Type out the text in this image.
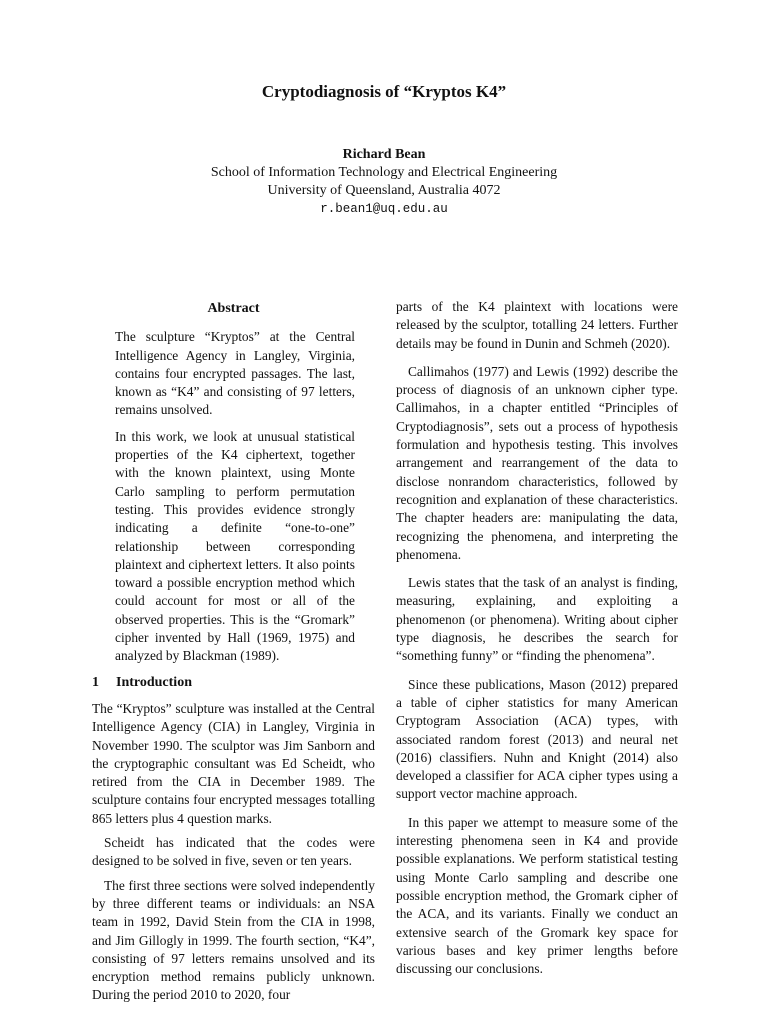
Cryptodiagnosis of “Kryptos K4”
Richard Bean
School of Information Technology and Electrical Engineering
University of Queensland, Australia 4072
r.bean1@uq.edu.au
Abstract

The sculpture “Kryptos” at the Central Intelligence Agency in Langley, Virginia, contains four encrypted passages. The last, known as “K4” and consisting of 97 letters, remains unsolved.

In this work, we look at unusual statistical properties of the K4 ciphertext, together with the known plaintext, using Monte Carlo sampling to perform permutation testing. This provides evidence strongly indicating a definite “one-to-one” relationship between corresponding plaintext and ciphertext letters. It also points toward a possible encryption method which could account for most or all of the observed properties. This is the “Gromark” cipher invented by Hall (1969, 1975) and analyzed by Blackman (1989).

1 Introduction

The “Kryptos” sculpture was installed at the Central Intelligence Agency (CIA) in Langley, Virginia in November 1990. The sculptor was Jim Sanborn and the cryptographic consultant was Ed Scheidt, who retired from the CIA in December 1989. The sculpture contains four encrypted messages totalling 865 letters plus 4 question marks.

Scheidt has indicated that the codes were designed to be solved in five, seven or ten years.

The first three sections were solved independently by three different teams or individuals: an NSA team in 1992, David Stein from the CIA in 1998, and Jim Gillogly in 1999. The fourth section, “K4”, consisting of 97 letters remains unsolved and its encryption method remains publicly unknown. During the period 2010 to 2020, four

parts of the K4 plaintext with locations were released by the sculptor, totalling 24 letters. Further details may be found in Dunin and Schmeh (2020).

Callimahos (1977) and Lewis (1992) describe the process of diagnosis of an unknown cipher type. Callimahos, in a chapter entitled “Principles of Cryptodiagnosis”, sets out a process of hypothesis formulation and hypothesis testing. This involves arrangement and rearrangement of the data to disclose nonrandom characteristics, followed by recognition and explanation of these characteristics. The chapter headers are: manipulating the data, recognizing the phenomena, and interpreting the phenomena.

Lewis states that the task of an analyst is finding, measuring, explaining, and exploiting a phenomenon (or phenomena). Writing about cipher type diagnosis, he describes the search for “something funny” or “finding the phenomena”.

Since these publications, Mason (2012) prepared a table of cipher statistics for many American Cryptogram Association (ACA) types, with associated random forest (2013) and neural net (2016) classifiers. Nuhn and Knight (2014) also developed a classifier for ACA cipher types using a support vector machine approach.

In this paper we attempt to measure some of the interesting phenomena seen in K4 and provide possible explanations. We perform statistical testing using Monte Carlo sampling and describe one possible encryption method, the Gromark cipher of the ACA, and its variants. Finally we conduct an extensive search of the Gromark key space for various bases and key primer lengths before discussing our conclusions.
